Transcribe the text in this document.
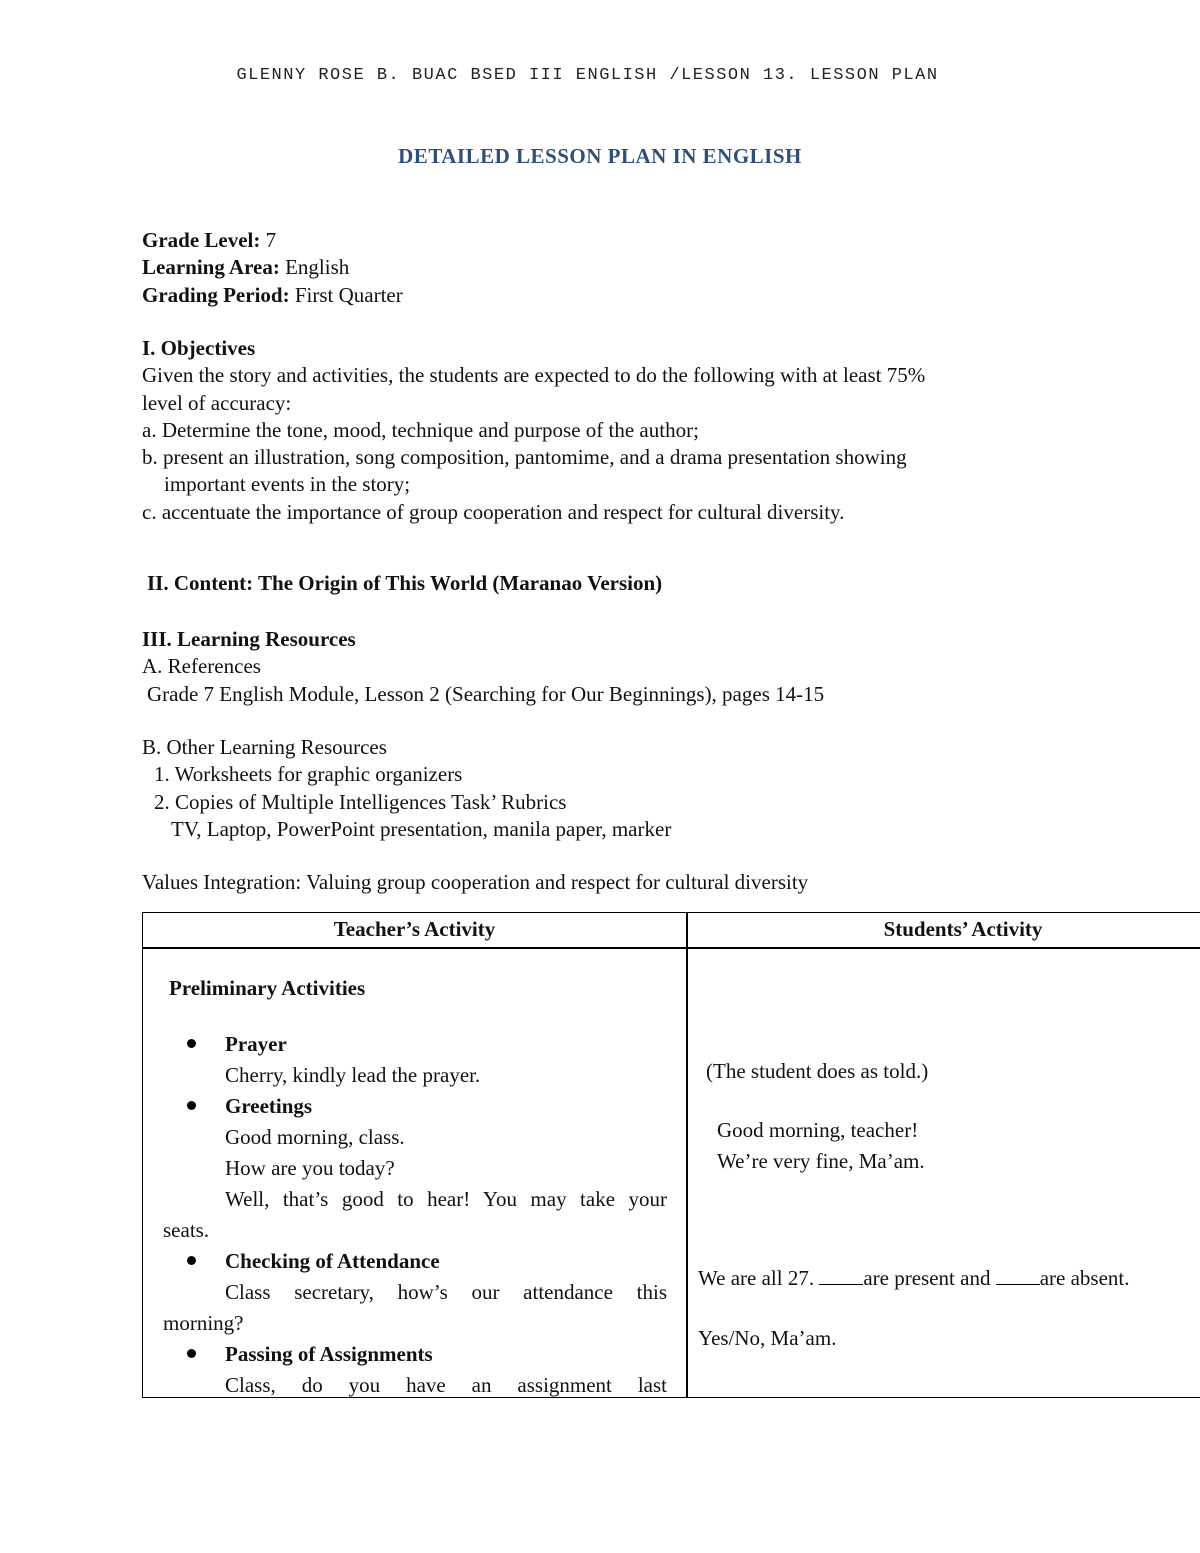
GLENNY ROSE B. BUAC BSED III ENGLISH /LESSON 13. LESSON PLAN
DETAILED LESSON PLAN IN ENGLISH
Grade Level: 7
Learning Area: English
Grading Period: First Quarter
I. Objectives
Given the story and activities, the students are expected to do the following with at least 75%
level of accuracy:
a. Determine the tone, mood, technique and purpose of the author;
b. present an illustration, song composition, pantomime, and a drama presentation showing
important events in the story;
c. accentuate the importance of group cooperation and respect for cultural diversity.
II. Content: The Origin of This World (Maranao Version)
III. Learning Resources
A. References
Grade 7 English Module, Lesson 2 (Searching for Our Beginnings), pages 14-15
B. Other Learning Resources
1. Worksheets for graphic organizers
2. Copies of Multiple Intelligences Task’ Rubrics
TV, Laptop, PowerPoint presentation, manila paper, marker
Values Integration: Valuing group cooperation and respect for cultural diversity
Teacher’s Activity	Students’ Activity
Preliminary Activities
Prayer
Cherry, kindly lead the prayer.
Greetings
Good morning, class.
How are you today?
Well, that’s good to hear! You may take your
seats.
Checking of Attendance
Class secretary, how’s our attendance this
morning?
Passing of Assignments
Class, do you have an assignment last
(The student does as told.)
Good morning, teacher!
We’re very fine, Ma’am.
We are all 27. are present and are absent.
Yes/No, Ma’am.
